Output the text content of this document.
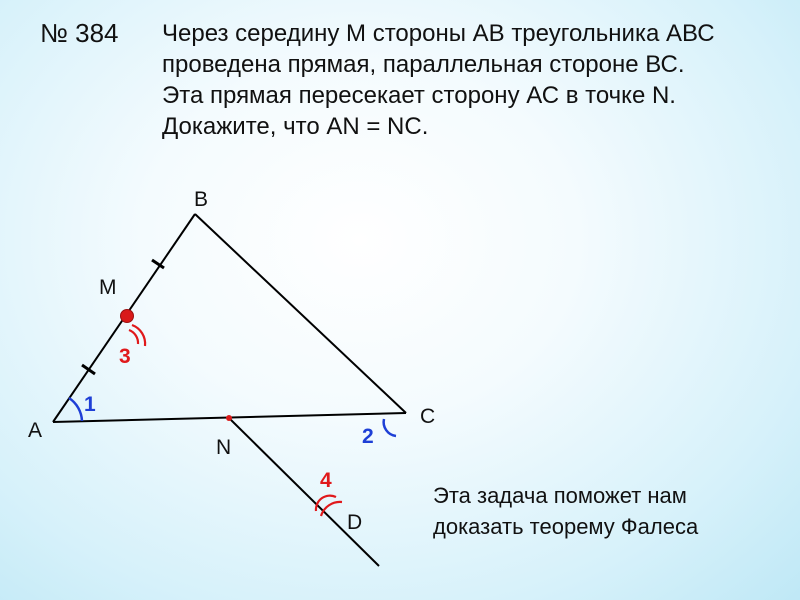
№ 384 Через середину М стороны АВ треугольника АВС
проведена прямая, параллельная стороне ВС.
Эта прямая пересекает сторону АС в точке N.
Докажите, что АN = NС.
В
М
А
N
С
D
1
2
3
4
Эта задача поможет нам
доказать теорему Фалеса
